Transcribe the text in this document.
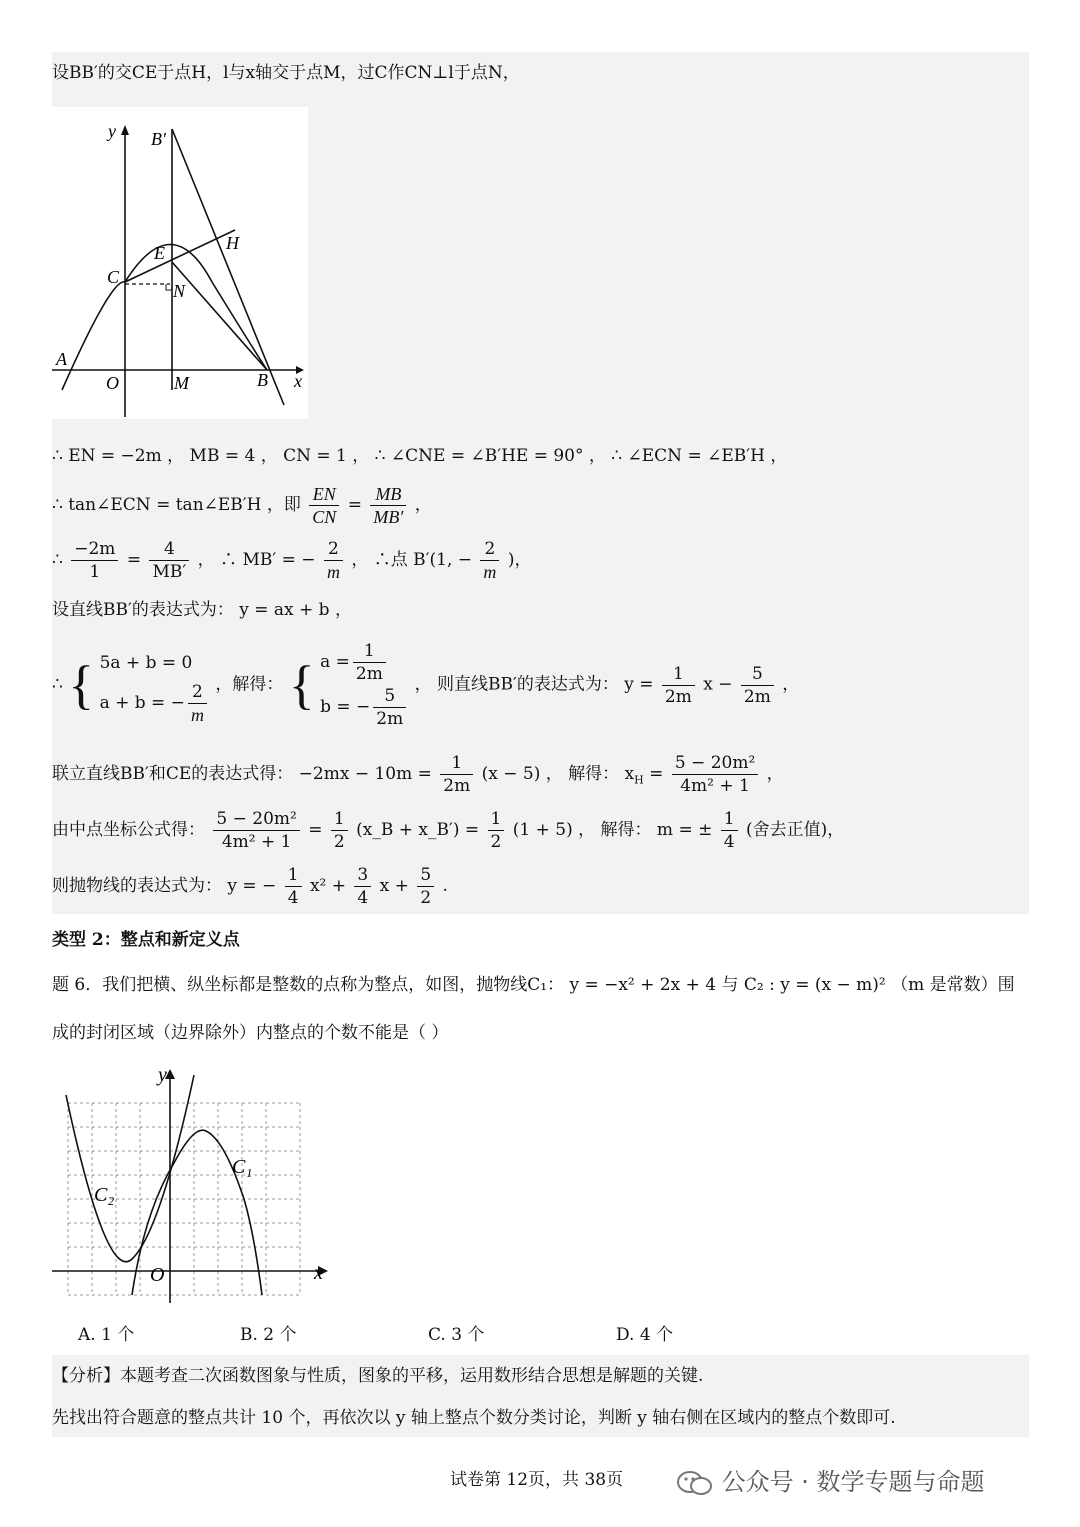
设BB′的交CE于点H，l与x轴交于点M，过C作CN⊥l于点N，
y B′
E	H
C
N
A
O	M	B x
∴ EN = −2m ， MB = 4 ， CN = 1 ， ∴ ∠CNE = ∠B′HE = 90° ， ∴ ∠ECN = ∠EB′H ，
∴ tan∠ECN = tan∠EB′H ，即 $\frac{EN}{CN} = \frac{MB}{MB'}$ ，
∴ $\frac{-2m}{1} = \frac{4}{MB'}$ ， ∴ MB′ = − $\frac{2}{m}$ ， ∴点 B′(1, − $\frac{2}{m}$ )，
设直线BB′的表达式为： y = ax + b ，
∴ { 5a + b = 0
a + b = − $\frac{2}{m}$ ，解得： { $a = \frac{1}{2m}$
b = − $\frac{5}{2m}$
， 则直线BB′的表达式为： $y = \frac{1}{2m}$ $x - \frac{5}{2m}$ ，
联立直线BB′和CE的表达式得： $-2mx - 10m = \frac{1}{2m} (x - 5)$ ， 解得： $x_H = \frac{\text{5 − 20m²}}{\text{4m² + 1}}$ ，
由中点坐标公式得： $\frac{\text{5 − 20m²}}{\text{4m² + 1}} = \frac{1}{2}$ (x_B + x_B′) = $\frac{1}{2} (1 + 5)$ ， 解得： m = ± $\frac{1}{4}$ (舍去正值)，
则抛物线的表达式为： y = − $\frac{1}{4} x^2 + \frac{3}{4}$ $x + \frac{5}{2}$ .
类型 2：整点和新定义点
题 6．我们把横、纵坐标都是整数的点称为整点，如图，抛物线C₁： y = −x² + 2x + 4 与 C₂ : y = (x − m)² （m 是常数）围
成的封闭区域（边界除外）内整点的个数不能是（ ）
y
x
O
C₁
C₂
A. 1 个	B. 2 个	C. 3 个	D. 4 个
【分析】本题考查二次函数图象与性质，图象的平移，运用数形结合思想是解题的关键.
先找出符合题意的整点共计 10 个，再依次以 y 轴上整点个数分类讨论，判断 y 轴右侧在区域内的整点个数即可.
试卷第 12页，共 38页	公众号 · 数学专题与命题
